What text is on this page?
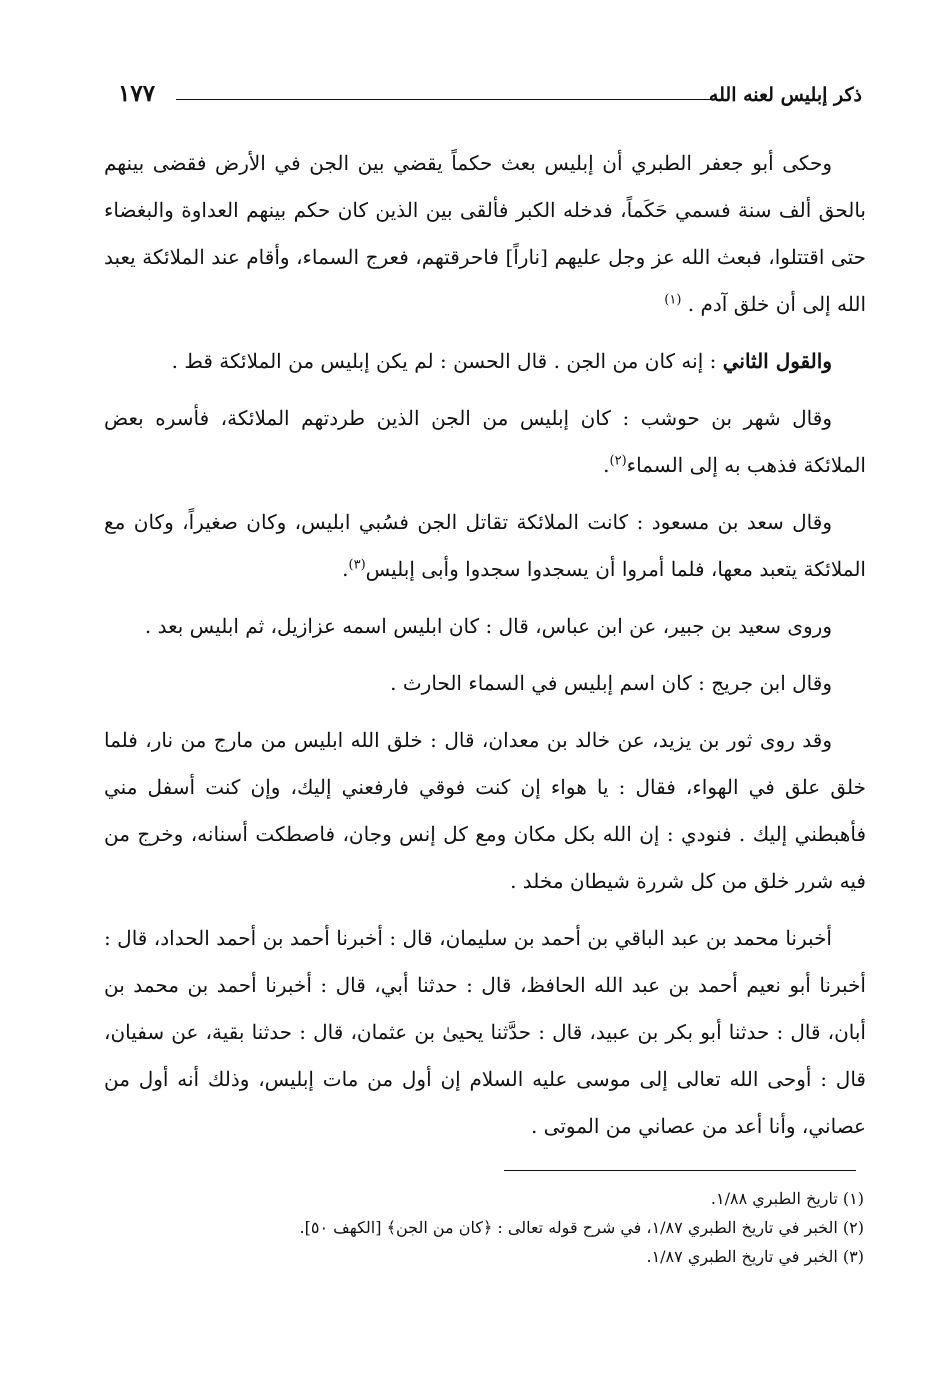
ذكر إبليس لعنه الله
١٧٧

وحكى أبو جعفر الطبري أن إبليس بعث حكماً يقضي بين الجن في الأرض فقضى بينهم بالحق ألف سنة فسمي حَكَماً، فدخله الكبر فألقى بين الذين كان حكم بينهم العداوة والبغضاء حتى اقتتلوا، فبعث الله عز وجل عليهم [ناراً] فاحرقتهم، فعرج السماء، وأقام عند الملائكة يعبد الله إلى أن خلق آدم . $^{(١)}$

والقول الثاني : إنه كان من الجن . قال الحسن : لم يكن إبليس من الملائكة قط .

وقال شهر بن حوشب : كان إبليس من الجن الذين طردتهم الملائكة، فأسره بعض الملائكة فذهب به إلى السماء$^{(٢)}$.

وقال سعد بن مسعود : كانت الملائكة تقاتل الجن فسُبي ابليس، وكان صغيراً، وكان مع الملائكة يتعبد معها، فلما أمروا أن يسجدوا سجدوا وأبى إبليس$^{(٣)}$.

وروى سعيد بن جبير، عن ابن عباس، قال : كان ابليس اسمه عزازيل، ثم ابليس بعد .

وقال ابن جريج : كان اسم إبليس في السماء الحارث .

وقد روى ثور بن يزيد، عن خالد بن معدان، قال : خلق الله ابليس من مارج من نار، فلما خلق علق في الهواء، فقال : يا هواء إن كنت فوقي فارفعني إليك، وإن كنت أسفل مني فأهبطني إليك . فنودي : إن الله بكل مكان ومع كل إنس وجان، فاصطكت أسنانه، وخرج من فيه شرر خلق من كل شررة شيطان مخلد .

أخبرنا محمد بن عبد الباقي بن أحمد بن سليمان، قال : أخبرنا أحمد بن أحمد الحداد، قال : أخبرنا أبو نعيم أحمد بن عبد الله الحافظ، قال : حدثنا أبي، قال : أخبرنا أحمد بن محمد بن أبان، قال : حدثنا أبو بكر بن عبيد، قال : حدَّثنا يحيىٰ بن عثمان، قال : حدثنا بقية، عن سفيان، قال : أوحى الله تعالى إلى موسى عليه السلام إن أول من مات إبليس، وذلك أنه أول من عصاني، وأنا أعد من عصاني من الموتى .

(١) تاريخ الطبري ١/٨٨.
(٢) الخبر في تاريخ الطبري ١/٨٧، في شرح قوله تعالى : ﴿كان من الجن﴾ [الكهف ٥٠].
(٣) الخبر في تاريخ الطبري ١/٨٧.
